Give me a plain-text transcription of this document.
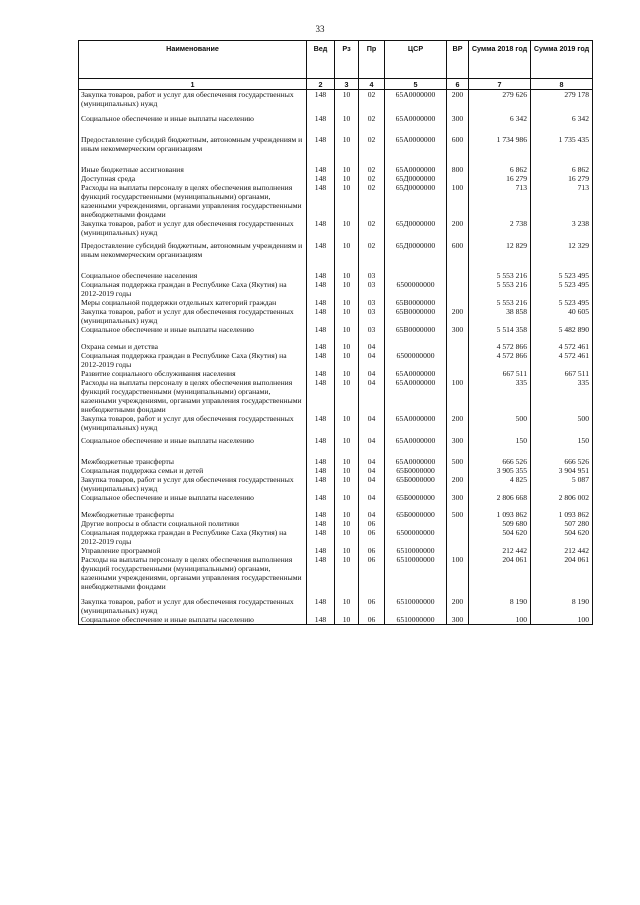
33
Наименование	Вед	Рз	Пр	ЦСР	ВР	Сумма 2018 год	Сумма 2019 год
1	2	3	4	5	6	7	8
Закупка товаров, работ и услуг для обеспечения государственных (муниципальных) нужд	148	10	02	65А0000000	200	279 626	279 178

Социальное обеспечение и иные выплаты населению	148	10	02	65А0000000	300	6 342	6 342

Предоставление субсидий бюджетным, автономным учреждениям и иным некоммерческим организациям	148	10	02	65А0000000	600	1 734 986	1 735 435

Иные бюджетные ассигнования	148	10	02	65А0000000	800	6 862	6 862
Доступная среда	148	10	02	65Д0000000		16 279	16 279
Расходы на выплаты персоналу в целях обеспечения выполнения функций государственными (муниципальными) органами, казенными учреждениями, органами управления государственными внебюджетными фондами	148	10	02	65Д0000000	100	713	713
Закупка товаров, работ и услуг для обеспечения государственных (муниципальных) нужд	148	10	02	65Д0000000	200	2 738	3 238

Предоставление субсидий бюджетным, автономным учреждениям и иным некоммерческим организациям	148	10	02	65Д0000000	600	12 829	12 329

Социальное обеспечение населения	148	10	03			5 553 216	5 523 495
Социальная поддержка граждан в Республике Саха (Якутия) на 2012-2019 годы	148	10	03	6500000000		5 553 216	5 523 495
Меры социальной поддержки отдельных категорий граждан	148	10	03	65В0000000		5 553 216	5 523 495
Закупка товаров, работ и услуг для обеспечения государственных (муниципальных) нужд	148	10	03	65В0000000	200	38 858	40 605
Социальное обеспечение и иные выплаты населению	148	10	03	65В0000000	300	5 514 358	5 482 890

Охрана семьи и детства	148	10	04			4 572 866	4 572 461
Социальная поддержка граждан в Республике Саха (Якутия) на 2012-2019 годы	148	10	04	6500000000		4 572 866	4 572 461
Развитие социального обслуживания населения	148	10	04	65А0000000		667 511	667 511
Расходы на выплаты персоналу в целях обеспечения выполнения функций государственными (муниципальными) органами, казенными учреждениями, органами управления государственными внебюджетными фондами	148	10	04	65А0000000	100	335	335
Закупка товаров, работ и услуг для обеспечения государственных (муниципальных) нужд	148	10	04	65А0000000	200	500	500

Социальное обеспечение и иные выплаты населению	148	10	04	65А0000000	300	150	150

Межбюджетные трансферты	148	10	04	65А0000000	500	666 526	666 526
Социальная поддержка семьи и детей	148	10	04	65Б0000000		3 905 355	3 904 951
Закупка товаров, работ и услуг для обеспечения государственных (муниципальных) нужд	148	10	04	65Б0000000	200	4 825	5 087
Социальное обеспечение и иные выплаты населению	148	10	04	65Б0000000	300	2 806 668	2 806 002

Межбюджетные трансферты	148	10	04	65Б0000000	500	1 093 862	1 093 862
Другие вопросы в области социальной политики	148	10	06			509 680	507 280
Социальная поддержка граждан в Республике Саха (Якутия) на 2012-2019 годы	148	10	06	6500000000		504 620	504 620
Управление программой	148	10	06	6510000000		212 442	212 442
Расходы на выплаты персоналу в целях обеспечения выполнения функций государственными (муниципальными) органами, казенными учреждениями, органами управления государственными внебюджетными фондами	148	10	06	6510000000	100	204 061	204 061

Закупка товаров, работ и услуг для обеспечения государственных (муниципальных) нужд	148	10	06	6510000000	200	8 190	8 190
Социальное обеспечение и иные выплаты населению	148	10	06	6510000000	300	100	100
